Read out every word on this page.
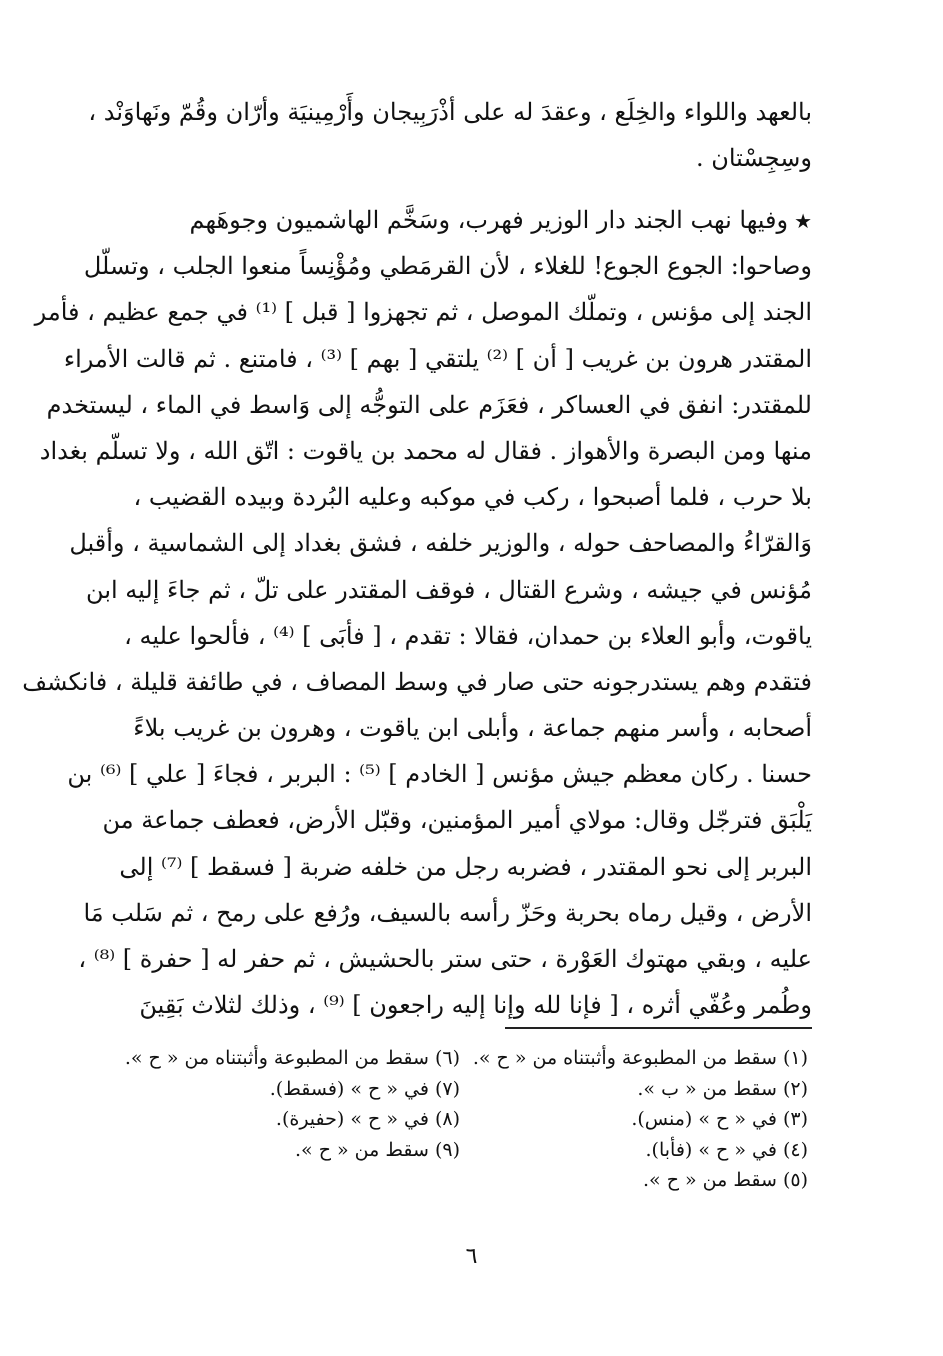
بالعهد واللواء والخِلَع ، وعقدَ له على أذْرَبِيجان وأَرْمِينيَة وأرّان وقُمّ ونَهاوَنْد ،
وسِجِسْتان .
★وفيها نهب الجند دار الوزير فهرب، وسَخَّم الهاشميون وجوهَهم
وصاحوا: الجوع الجوع! للغلاء ، لأن القرمَطي ومُؤْنِساً منعوا الجلب ، وتسلّل
الجند إلى مؤنس ، وتملّك الموصل ، ثم تجهزوا [ قبل ] ⁽¹⁾ في جمع عظيم ، فأمر
المقتدر هرون بن غريب [ أن ] ⁽²⁾ يلتقي [ بهم ] ⁽³⁾ ، فامتنع . ثم قالت الأمراء
للمقتدر: انفق في العساكر ، فعَزَم على التوجُّه إلى وَاسط في الماء ، ليستخدم
منها ومن البصرة والأهواز . فقال له محمد بن ياقوت : اتّق الله ، ولا تسلّم بغداد
بلا حرب ، فلما أصبحوا ، ركب في موكبه وعليه البُردة وبيده القضيب ،
وَالقرّاءُ والمصاحف حوله ، والوزير خلفه ، فشق بغداد إلى الشماسية ، وأقبل
مُؤنس في جيشه ، وشرع القتال ، فوقف المقتدر على تلّ ، ثم جاءَ إليه ابن
ياقوت، وأبو العلاء بن حمدان، فقالا : تقدم ، [ فأبَى ] ⁽⁴⁾ ، فألحوا عليه ،
فتقدم وهم يستدرجونه حتى صار في وسط المصاف ، في طائفة قليلة ، فانكشف
أصحابه ، وأسر منهم جماعة ، وأبلى ابن ياقوت ، وهرون بن غريب بلاءً
حسنا . ركان معظم جيش مؤنس [ الخادم ] ⁽⁵⁾ : البربر ، فجاءَ [ علي ] ⁽⁶⁾ بن
يَلْبَق فترجّل وقال: مولاي أمير المؤمنين، وقبّل الأرض، فعطف جماعة من
البربر إلى نحو المقتدر ، فضربه رجل من خلفه ضربة [ فسقط ] ⁽⁷⁾ إلى
الأرض ، وقيل رماه بحربة وحَزّ رأسه بالسيف، ورُفع على رمح ، ثم سَلب مَا
عليه ، وبقي مهتوك العَوْرة ، حتى ستر بالحشيش ، ثم حفر له [ حفرة ] ⁽⁸⁾ ،
وطُمر وعُفّي أثره ، [ فإنا لله وإنا إليه راجعون ] ⁽⁹⁾ ، وذلك لثلاث بَقِينَ
(١) سقط من المطبوعة وأثبتناه من « ح ».
(٢) سقط من « ب ».
(٣) في « ح » (منس).
(٤) في « ح » (فأبا).
(٥) سقط من « ح ».
(٦) سقط من المطبوعة وأثبتناه من « ح ».
(٧) في « ح » (فسقط).
(٨) في « ح » (حفيرة).
(٩) سقط من « ح ».
٦
